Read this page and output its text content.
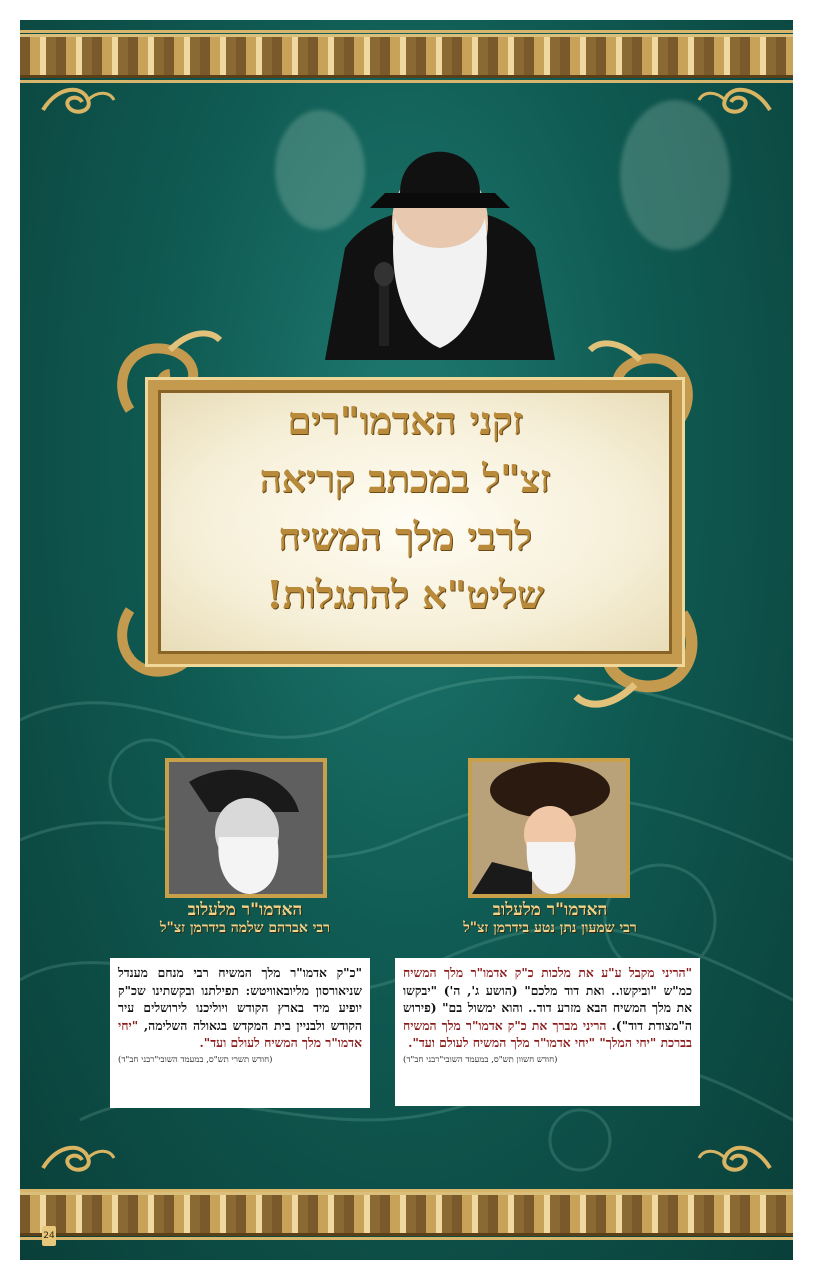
זקני האדמו"רים
זצ"ל במכתב קריאה
לרבי מלך המשיח
שליט"א להתגלות!
האדמו"ר מלעלוב
רבי אברהם שלמה בידרמן זצ"ל
האדמו"ר מלעלוב
רבי שמעון נתן נטע בידרמן זצ"ל
"כ"ק אדמו"ר מלך המשיח רבי מנחם מענדל שניאורסון מליובאוויטש: תפילתנו ובקשתינו שכ"ק יופיע מיד בארץ הקודש ויוליכנו לירושלים עיר הקודש ולבניין בית המקדש בגאולה השלימה, "יחי אדמו"ר מלך המשיח לעולם ועד".
(חודש תשרי תש"ס, במעמד השובי"רבני חב"ד)
"הריני מקבל ע"ע את מלכות כ"ק אדמו"ר מלך המשיח כמ"ש "וביקשו.. ואת דוד מלכם" (הושע ג', ה') "יבקשו את מלך המשיח הבא מזרע דוד.. והוא ימשול בם" (פירוש ה"מצודת דוד"). הריני מברך את כ"ק אדמו"ר מלך המשיח בברכת "יחי המלך" "יחי אדמו"ר מלך המשיח לעולם ועד".
(חודש חשוון תש"ס, במעמד השובי"רבני חב"ד)
24
